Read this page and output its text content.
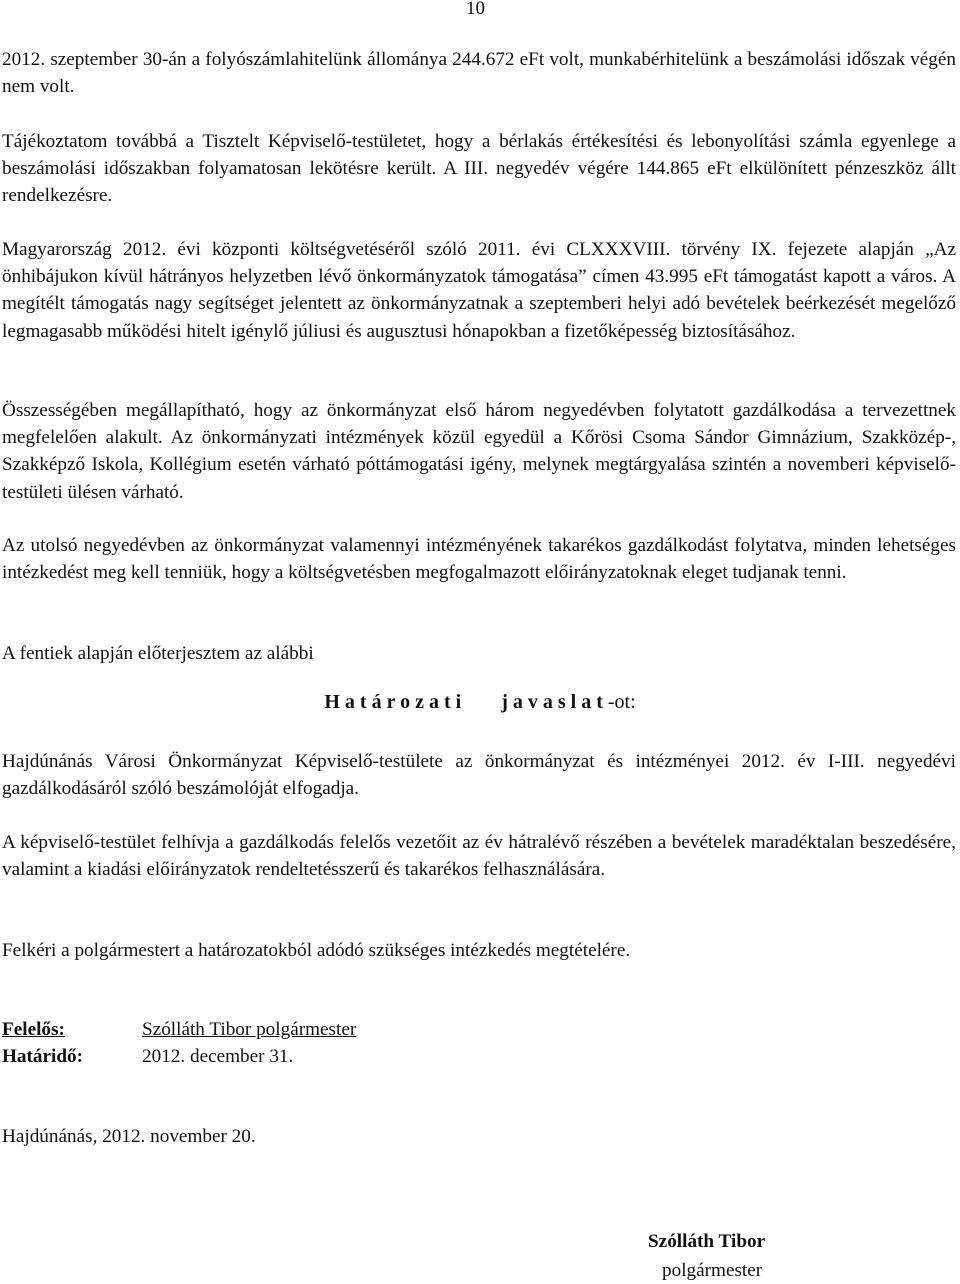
10

2012. szeptember 30-án a folyószámlahitelünk állománya 244.672 eFt volt, munkabérhitelünk a beszámolási időszak végén nem volt.

Tájékoztatom továbbá a Tisztelt Képviselő-testületet, hogy a bérlakás értékesítési és lebonyolítási számla egyenlege a beszámolási időszakban folyamatosan lekötésre került. A III. negyedév végére 144.865 eFt elkülönített pénzeszköz állt rendelkezésre.

Magyarország 2012. évi központi költségvetéséről szóló 2011. évi CLXXXVIII. törvény IX. fejezete alapján „Az önhibájukon kívül hátrányos helyzetben lévő önkormányzatok támogatása” címen 43.995 eFt támogatást kapott a város. A megítélt támogatás nagy segítséget jelentett az önkormányzatnak a szeptemberi helyi adó bevételek beérkezését megelőző legmagasabb működési hitelt igénylő júliusi és augusztusi hónapokban a fizetőképesség biztosításához.

Összességében megállapítható, hogy az önkormányzat első három negyedévben folytatott gazdálkodása a tervezettnek megfelelően alakult. Az önkormányzati intézmények közül egyedül a Kőrösi Csoma Sándor Gimnázium, Szakközép-, Szakképző Iskola, Kollégium esetén várható póttámogatási igény, melynek megtárgyalása szintén a novemberi képviselő-testületi ülésen várható.

Az utolsó negyedévben az önkormányzat valamennyi intézményének takarékos gazdálkodást folytatva, minden lehetséges intézkedést meg kell tenniük, hogy a költségvetésben megfogalmazott előirányzatoknak eleget tudjanak tenni.

A fentiek alapján előterjesztem az alábbi

H a t á r o z a t i j a v a s l a t -ot:

Hajdúnánás Városi Önkormányzat Képviselő-testülete az önkormányzat és intézményei 2012. év I-III. negyedévi gazdálkodásáról szóló beszámolóját elfogadja.

A képviselő-testület felhívja a gazdálkodás felelős vezetőit az év hátralévő részében a bevételek maradéktalan beszedésére, valamint a kiadási előirányzatok rendeltetésszerű és takarékos felhasználására.

Felkéri a polgármestert a határozatokból adódó szükséges intézkedés megtételére.

Felelős:	Szólláth Tibor polgármester
Határidő:	2012. december 31.
Hajdúnánás, 2012. november 20.
Szólláth Tibor
polgármester
